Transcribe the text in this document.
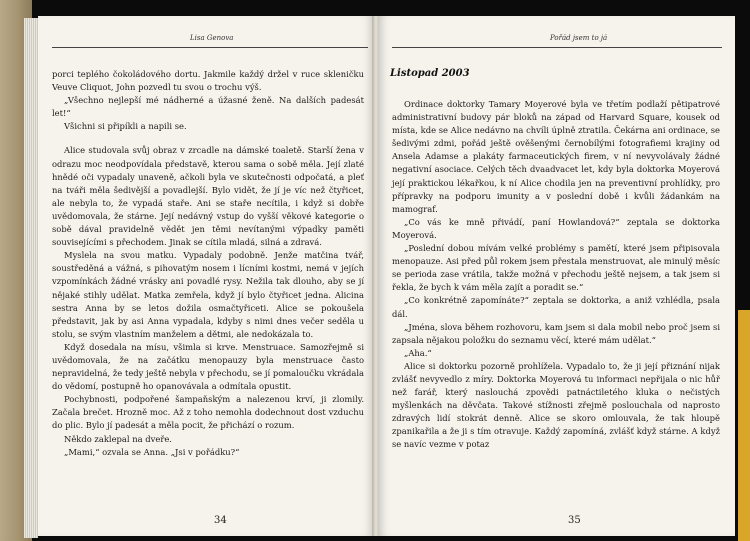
Lisa Genova

porci teplého čokoládového dortu. Jakmile každý držel v ruce skleničku Veuve Cliquot, John pozvedl tu svou o trochu výš.

„Všechno nejlepší mé nádherné a úžasné ženě. Na dalších padesát let!“

Všichni si připíkli a napili se.

Alice studovala svůj obraz v zrcadle na dámské toaletě. Starší žena v odrazu moc neodpovídala představě, kterou sama o sobě měla. Její zlaté hnědé oči vypadaly unaveně, ačkoli byla ve skutečnosti odpočatá, a pleť na tváři měla šedivější a povadlejší. Bylo vidět, že jí je víc než čtyřicet, ale nebyla to, že vypadá staře. Ani se staře necítila, i když si dobře uvědomovala, že stárne. Její nedávný vstup do vyšší věkové kategorie o sobě dával pravidelně vědět jen těmi nevítanými výpadky paměti souvisejícími s přechodem. Jinak se cítila mladá, silná a zdravá.

Myslela na svou matku. Vypadaly podobně. Jenže matčina tvář, soustředěná a vážná, s pihovatým nosem i lícními kostmi, nemá v jejích vzpomínkách žádné vrásky ani povadlé rysy. Nežila tak dlouho, aby se jí nějaké stihly udělat. Matka zemřela, když jí bylo čtyřicet jedna. Alicina sestra Anna by se letos dožila osmačtyřiceti. Alice se pokoušela představit, jak by asi Anna vypadala, kdyby s nimi dnes večer seděla u stolu, se svým vlastním manželem a dětmi, ale nedokázala to.

Když dosedala na mísu, všimla si krve. Menstruace. Samozřejmě si uvědomovala, že na začátku menopauzy byla menstruace často nepravidelná, že tedy ještě nebyla v přechodu, se jí pomaloučku vkrádala do vědomí, postupně ho opanovávala a odmítala opustit.

Pochybnosti, podpořené šampaňským a nalezenou krví, ji zlomily. Začala brečet. Hrozně moc. Až z toho nemohla dodechnout dost vzduchu do plic. Bylo jí padesát a měla pocit, že přichází o rozum.

Někdo zaklepal na dveře.

„Mami,“ ozvala se Anna. „Jsi v pořádku?“

34
Pořád jsem to já
Listopad 2003

Ordinace doktorky Tamary Moyerové byla ve třetím podlaží pětipatrové administrativní budovy pár bloků na západ od Harvard Square, kousek od místa, kde se Alice nedávno na chvíli úplně ztratila. Čekárna ani ordinace, se šedivými zdmi, pořád ještě ověšenými černobílými fotografiemi krajiny od Ansela Adamse a plakáty farmaceutických firem, v ní nevyvolávaly žádné negativní asociace. Celých těch dvaadvacet let, kdy byla doktorka Moyerová její praktickou lékařkou, k ní Alice chodila jen na preventivní prohlídky, pro přípravky na podporu imunity a v poslední době i kvůli žádankám na mamograf.

„Co vás ke mně přivádí, paní Howlandová?“ zeptala se doktorka Moyerová.

„Poslední dobou mívám velké problémy s pamětí, které jsem připisovala menopauze. Asi před půl rokem jsem přestala menstruovat, ale minulý měsíc se perioda zase vrátila, takže možná v přechodu ještě nejsem, a tak jsem si řekla, že bych k vám měla zajít a poradit se.“

„Co konkrétně zapomínáte?“ zeptala se doktorka, a aniž vzhlédla, psala dál.

„Jména, slova během rozhovoru, kam jsem si dala mobil nebo proč jsem si zapsala nějakou položku do seznamu věcí, které mám udělat.“

„Aha.“

Alice si doktorku pozorně prohlížela. Vypadalo to, že ji její přiznání nijak zvlášť nevyvedlo z míry. Doktorka Moyerová tu informaci nepřijala o nic hůř než farář, který naslouchá zpovědi patnáctiletého kluka o nečistých myšlenkách na děvčata. Takové stížnosti zřejmě poslouchala od naprosto zdravých lidí stokrát denně. Alice se skoro omlouvala, že tak hloupě zpanikařila a že ji s tím otravuje. Každý zapomíná, zvlášť když stárne. A když se navíc vezme v potaz

35
